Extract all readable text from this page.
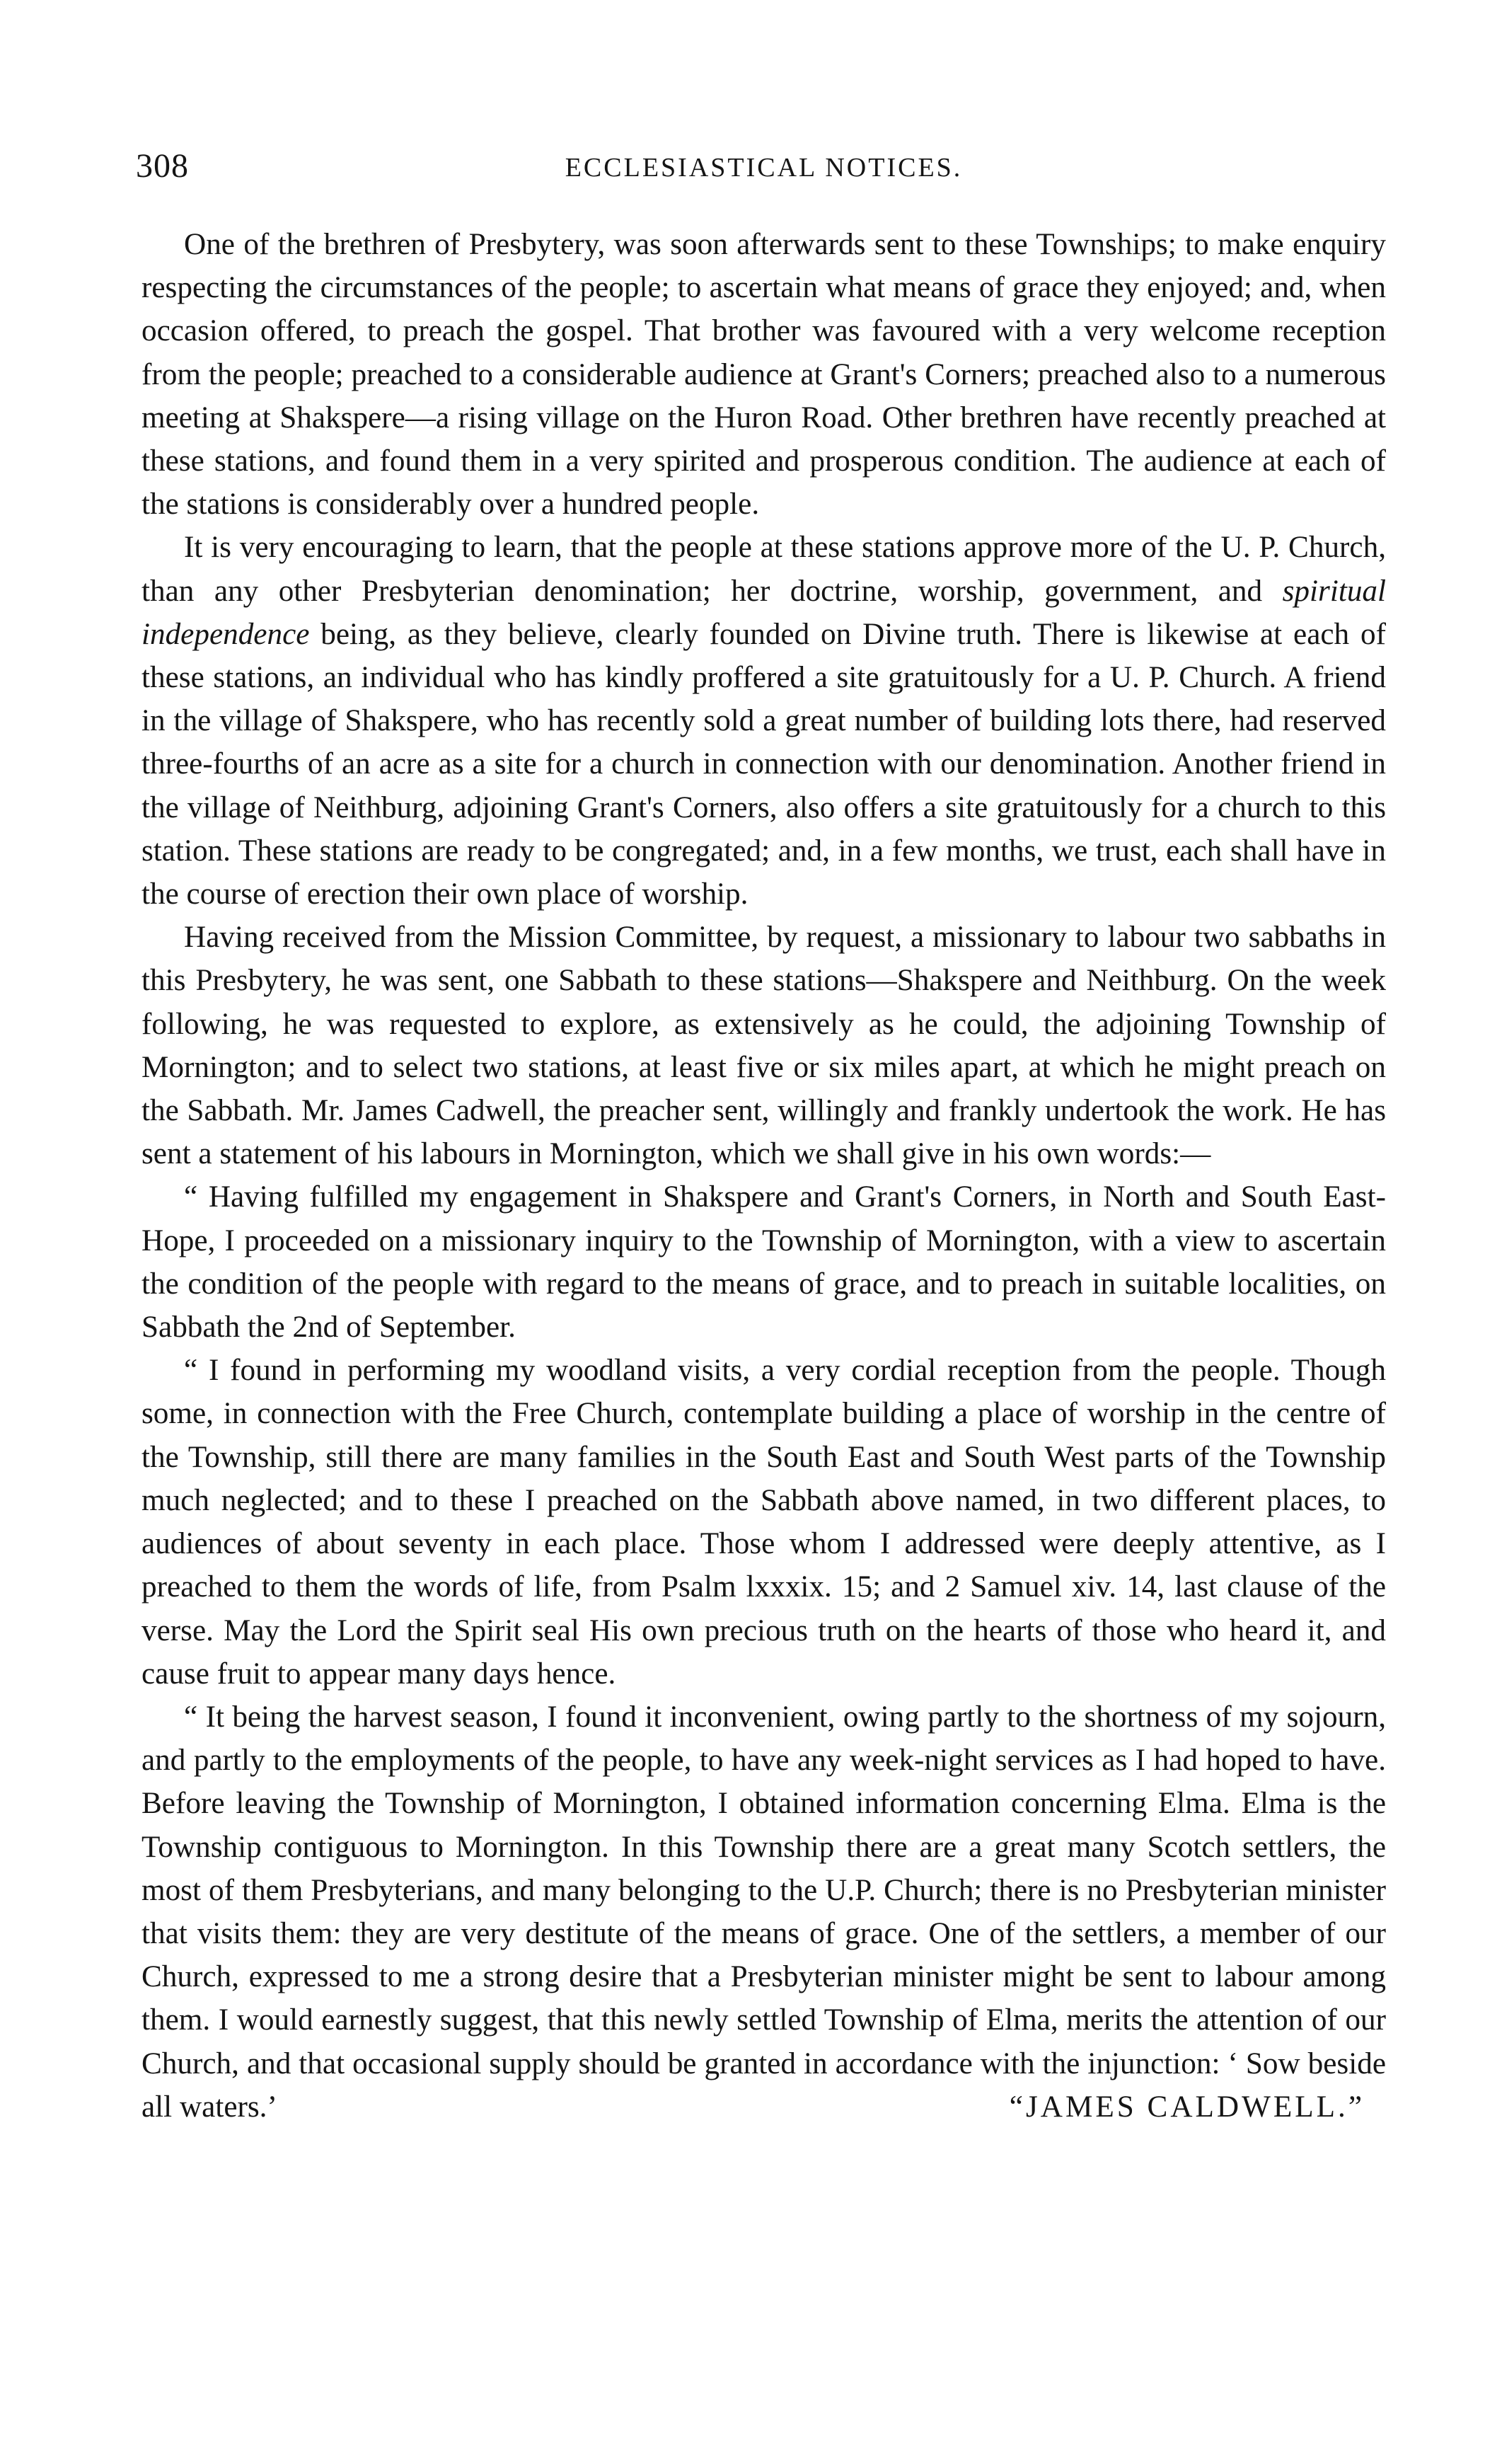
308	ECCLESIASTICAL NOTICES.

One of the brethren of Presbytery, was soon afterwards sent to these Townships; to make enquiry respecting the circumstances of the people; to ascertain what means of grace they enjoyed; and, when occasion offered, to preach the gospel. That brother was favoured with a very welcome reception from the people; preached to a considerable audience at Grant's Corners; preached also to a numerous meeting at Shakspere—a rising village on the Huron Road. Other brethren have recently preached at these stations, and found them in a very spirited and prosperous condition. The audience at each of the stations is considerably over a hundred people.

It is very encouraging to learn, that the people at these stations approve more of the U. P. Church, than any other Presbyterian denomination; her doctrine, worship, government, and spiritual independence being, as they believe, clearly founded on Divine truth. There is likewise at each of these stations, an individual who has kindly proffered a site gratuitously for a U. P. Church. A friend in the village of Shakspere, who has recently sold a great number of building lots there, had reserved three-fourths of an acre as a site for a church in connection with our denomination. Another friend in the village of Neithburg, adjoining Grant's Corners, also offers a site gratuitously for a church to this station. These stations are ready to be congregated; and, in a few months, we trust, each shall have in the course of erection their own place of worship.

Having received from the Mission Committee, by request, a missionary to labour two sabbaths in this Presbytery, he was sent, one Sabbath to these stations—Shakspere and Neithburg. On the week following, he was requested to explore, as extensively as he could, the adjoining Township of Mornington; and to select two stations, at least five or six miles apart, at which he might preach on the Sabbath. Mr. James Cadwell, the preacher sent, willingly and frankly undertook the work. He has sent a statement of his labours in Mornington, which we shall give in his own words:—

“ Having fulfilled my engagement in Shakspere and Grant's Corners, in North and South East-Hope, I proceeded on a missionary inquiry to the Township of Mornington, with a view to ascertain the condition of the people with regard to the means of grace, and to preach in suitable localities, on Sabbath the 2nd of September.

“ I found in performing my woodland visits, a very cordial reception from the people. Though some, in connection with the Free Church, contemplate building a place of worship in the centre of the Township, still there are many families in the South East and South West parts of the Township much neglected; and to these I preached on the Sabbath above named, in two different places, to audiences of about seventy in each place. Those whom I addressed were deeply attentive, as I preached to them the words of life, from Psalm lxxxix. 15; and 2 Samuel xiv. 14, last clause of the verse. May the Lord the Spirit seal His own precious truth on the hearts of those who heard it, and cause fruit to appear many days hence.

“ It being the harvest season, I found it inconvenient, owing partly to the shortness of my sojourn, and partly to the employments of the people, to have any week-night services as I had hoped to have. Before leaving the Township of Mornington, I obtained information concerning Elma. Elma is the Township contiguous to Mornington. In this Township there are a great many Scotch settlers, the most of them Presbyterians, and many belonging to the U.P. Church; there is no Presbyterian minister that visits them: they are very destitute of the means of grace. One of the settlers, a member of our Church, expressed to me a strong desire that a Presbyterian minister might be sent to labour among them. I would earnestly suggest, that this newly settled Township of Elma, merits the attention of our Church, and that occasional supply should be granted in accordance with the injunction: ‘ Sow beside all waters.’	“JAMES CALDWELL.”
